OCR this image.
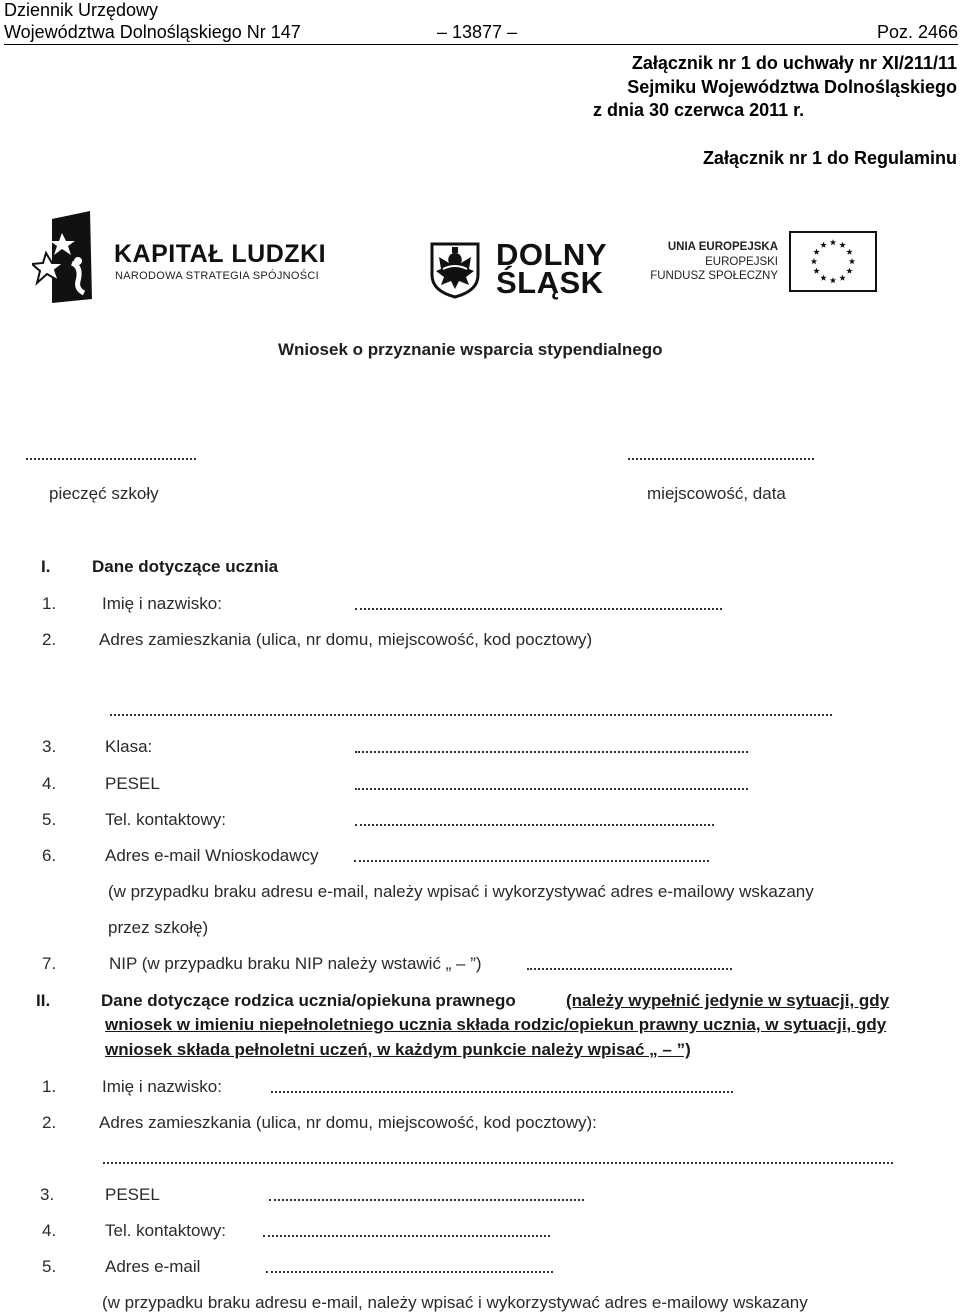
Dziennik Urzędowy
Województwa Dolnośląskiego Nr 147	– 13877 –	Poz. 2466
Załącznik nr 1 do uchwały nr XI/211/11
Sejmiku Województwa Dolnośląskiego
z dnia 30 czerwca 2011 r.
Załącznik nr 1 do Regulaminu
KAPITAŁ LUDZKI
NARODOWA STRATEGIA SPÓJNOŚCI
DOLNY
ŚLĄSK
UNIA EUROPEJSKA
EUROPEJSKI
FUNDUSZ SPOŁECZNY
Wniosek o przyznanie wsparcia stypendialnego
pieczęć szkoły	miejscowość, data
I. Dane dotyczące ucznia
1.	Imię i nazwisko:
2.	Adres zamieszkania (ulica, nr domu, miejscowość, kod pocztowy)
3.	Klasa:
4.	PESEL
5.	Tel. kontaktowy:
6.	Adres e-mail Wnioskodawcy
(w przypadku braku adresu e-mail, należy wpisać i wykorzystywać adres e-mailowy wskazany
przez szkołę)
7.	NIP (w przypadku braku NIP należy wstawić „ – ”)
II.	Dane dotyczące rodzica ucznia/opiekuna prawnego	(należy wypełnić jedynie w sytuacji, gdy
wniosek w imieniu niepełnoletniego ucznia składa rodzic/opiekun prawny ucznia, w sytuacji, gdy
wniosek składa pełnoletni uczeń, w każdym punkcie należy wpisać „ – ”)
1.	Imię i nazwisko:
2.	Adres zamieszkania (ulica, nr domu, miejscowość, kod pocztowy):
3.	PESEL
4.	Tel. kontaktowy:
5.	Adres e-mail
(w przypadku braku adresu e-mail, należy wpisać i wykorzystywać adres e-mailowy wskazany
